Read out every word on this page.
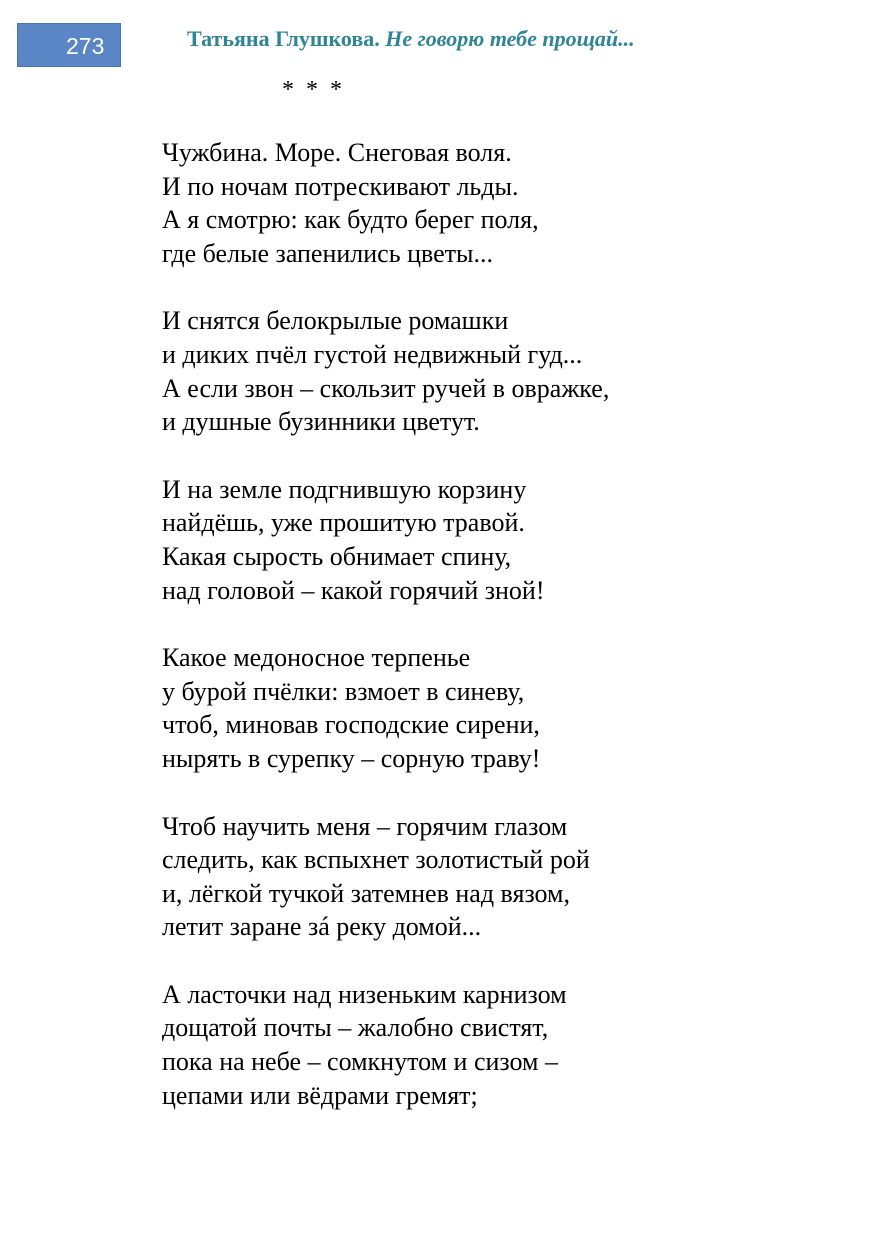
273	Татьяна Глушкова. Не говорю тебе прощай...
* * *
Чужбина. Море. Снеговая воля.
И по ночам потрескивают льды.
А я смотрю: как будто берег поля,
где белые запенились цветы...
И снятся белокрылые ромашки
и диких пчёл густой недвижный гуд...
А если звон – скользит ручей в овражке,
и душные бузинники цветут.
И на земле подгнившую корзину
найдёшь, уже прошитую травой.
Какая сырость обнимает спину,
над головой – какой горячий зной!
Какое медоносное терпенье
у бурой пчёлки: взмоет в синеву,
чтоб, миновав господские сирени,
нырять в сурепку – сорную траву!
Чтоб научить меня – горячим глазом
следить, как вспыхнет золотистый рой
и, лёгкой тучкой затемнев над вязом,
летит заране зá реку домой...
А ласточки над низеньким карнизом
дощатой почты – жалобно свистят,
пока на небе – сомкнутом и сизом –
цепами или вёдрами гремят;
